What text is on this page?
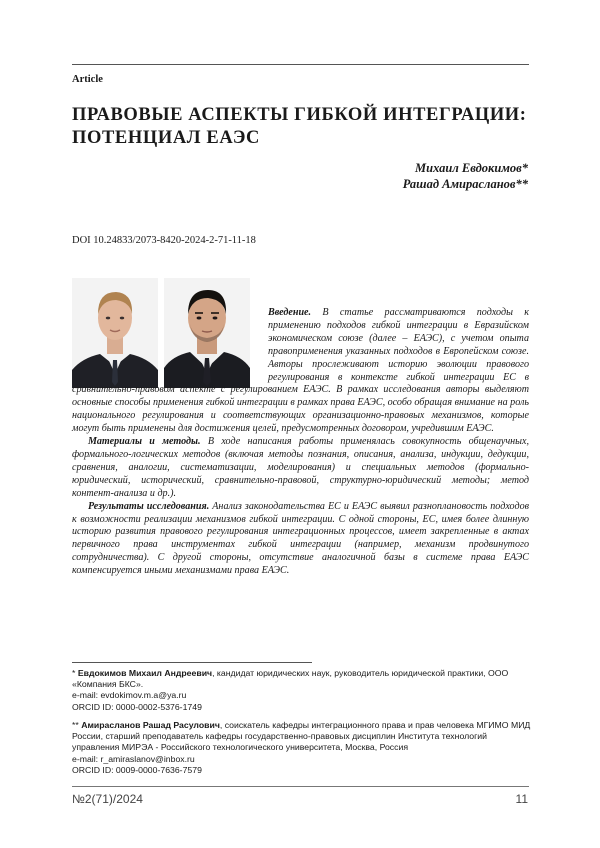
Article
ПРАВОВЫЕ АСПЕКТЫ ГИБКОЙ ИНТЕГРАЦИИ:
ПОТЕНЦИАЛ ЕАЭС
Михаил Евдокимов*
Рашад Амирасланов**
DOI 10.24833/2073-8420-2024-2-71-11-18

Введение. В статье рассматриваются подходы к применению подходов гибкой интеграции в Евразийском экономическом союзе (далее – ЕАЭС), с учетом опыта правоприменения указанных подходов в Европейском союзе. Авторы прослеживают историю эволюции правового регулирования в контексте гибкой интеграции ЕС в сравнительно-правовом аспекте с регулированием ЕАЭС. В рамках исследования авторы выделяют основные способы применения гибкой интеграции в рамках права ЕАЭС, особо обращая внимание на роль национального регулирования и соответствующих организационно-правовых механизмов, которые могут быть применены для достижения целей, предусмотренных договором, учредившим ЕАЭС.

Материалы и методы. В ходе написания работы применялась совокупность общенаучных, формального-логических методов (включая методы познания, описания, анализа, индукции, дедукции, сравнения, аналогии, систематизации, моделирования) и специальных методов (формально-юридический, исторический, сравнительно-правовой, структурно-юридический методы; метод контент-анализа и др.).

Результаты исследования. Анализ законодательства ЕС и ЕАЭС выявил разноплановость подходов к возможности реализации механизмов гибкой интеграции. С одной стороны, ЕС, имея более длинную историю развития правового регулирования интеграционных процессов, имеет закрепленные в актах первичного права инструментах гибкой интеграции (например, механизм продвинутого сотрудничества). С другой стороны, отсутствие аналогичной базы в системе права ЕАЭС компенсируется иными механизмами права ЕАЭС.

* Евдокимов Михаил Андреевич, кандидат юридических наук, руководитель юридической практики, ООО «Компания БКС».
e-mail: evdokimov.m.a@ya.ru
ORCID ID: 0000-0002-5376-1749
** Амирасланов Рашад Расулович, соискатель кафедры интеграционного права и прав человека МГИМО МИД России, старший преподаватель кафедры государственно-правовых дисциплин Института технологий управления МИРЭА - Российского технологического университета, Москва, Россия
e-mail: r_amiraslanov@inbox.ru
ORCID ID: 0009-0000-7636-7579
№2(71)/2024	11
